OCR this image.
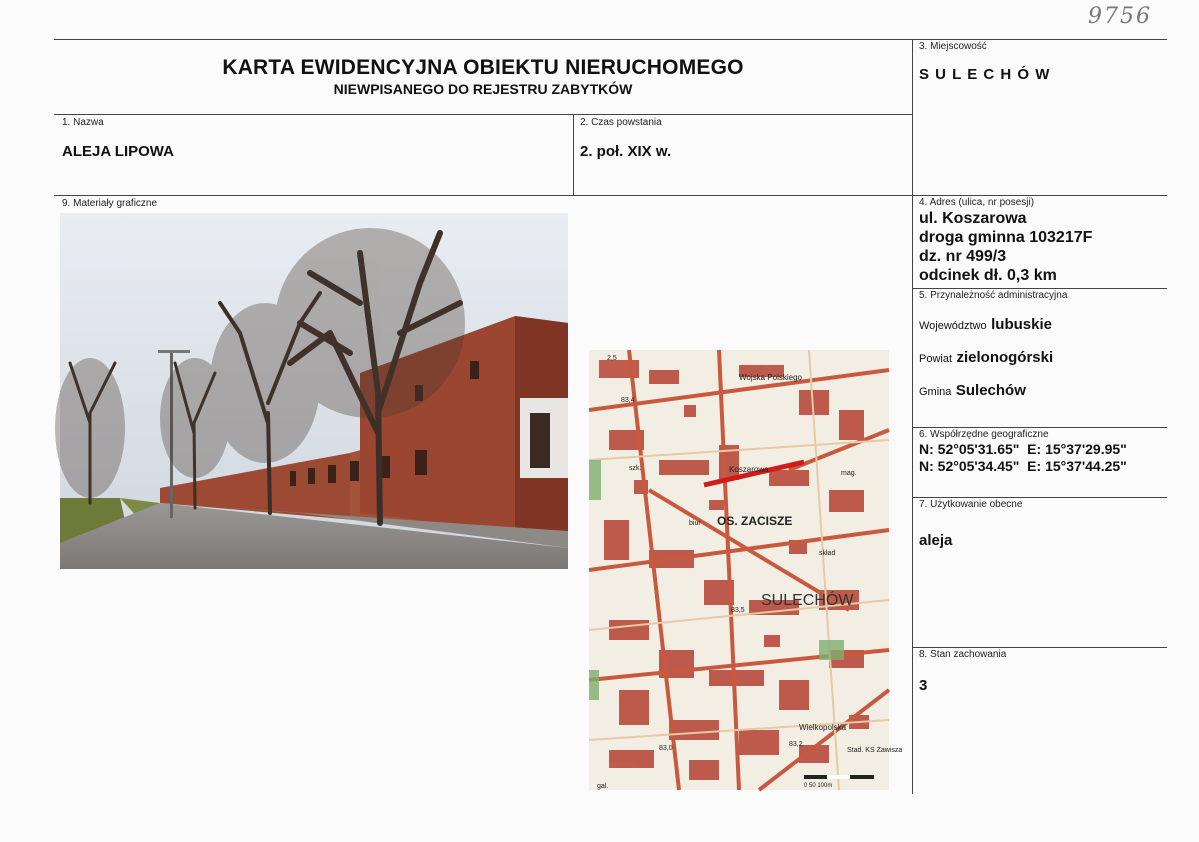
9756
KARTA EWIDENCYJNA OBIEKTU NIERUCHOMEGO
NIEWPISANEGO DO REJESTRU ZABYTKÓW
3. Miejscowość
S U L E C H Ó W
1. Nazwa
ALEJA LIPOWA
2. Czas powstania
2. poł. XIX w.
9. Materiały graficzne
OS. ZACISZE
SULECHÓW
Koszarowa
Wojska Polskiego
Wielkopolska
Stad. KS Zawisza
83,2
83,0
83,5
83,4
2,5
skład
mag.
szk.
biur
gal.	0 50 100m
4. Adres (ulica, nr posesji)
ul. Koszarowa
droga gminna 103217F
dz. nr 499/3
odcinek dł. 0,3 km
5. Przynależność administracyjna
Województwo lubuskie
Powiat zielonogórski
Gmina Sulechów
6. Współrzędne geograficzne
N: 52°05'31.65"  E: 15°37'29.95"
N: 52°05'34.45"  E: 15°37'44.25"
7. Użytkowanie obecne
aleja
8. Stan zachowania
3
